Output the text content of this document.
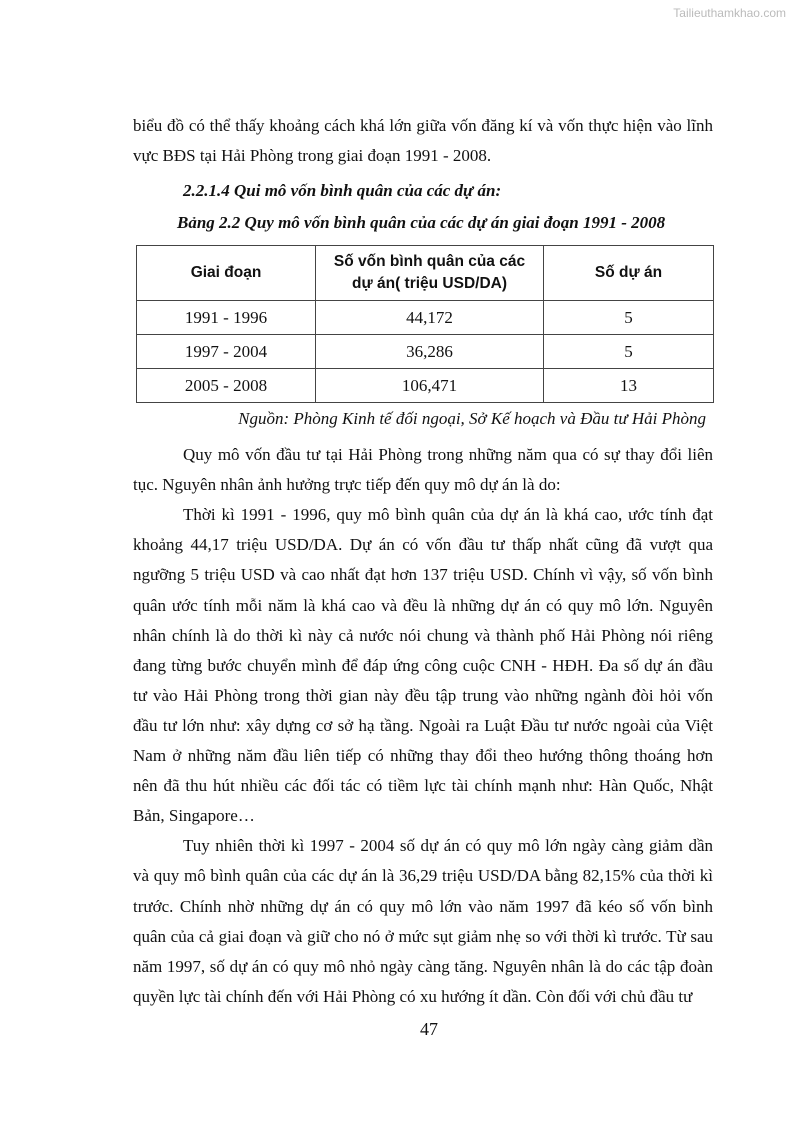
Tailieuthamkhao.com
biểu đồ có thể thấy khoảng cách khá lớn giữa vốn đăng kí và vốn thực hiện vào lĩnh
vực BĐS tại Hải Phòng trong giai đoạn 1991 - 2008.
2.2.1.4 Qui mô vốn bình quân của các dự án:
Bảng 2.2 Quy mô vốn bình quân của các dự án giai đoạn 1991 - 2008
Giai đoạn	Số vốn bình quân của các dự án( triệu USD/DA)	Số dự án
1991 - 1996	44,172	5
1997 - 2004	36,286	5
2005 - 2008	106,471	13
Nguồn: Phòng Kinh tế đối ngoại, Sở Kế hoạch và Đầu tư Hải Phòng
Quy mô vốn đầu tư tại Hải Phòng trong những năm qua có sự thay đổi liên
tục. Nguyên nhân ảnh hưởng trực tiếp đến quy mô dự án là do:
Thời kì 1991 - 1996, quy mô bình quân của dự án là khá cao, ước tính đạt
khoảng 44,17 triệu USD/DA. Dự án có vốn đầu tư thấp nhất cũng đã vượt qua
ngưỡng 5 triệu USD và cao nhất đạt hơn 137 triệu USD. Chính vì vậy, số vốn bình
quân ước tính mỗi năm là khá cao và đều là những dự án có quy mô lớn. Nguyên
nhân chính là do thời kì này cả nước nói chung và thành phố Hải Phòng nói riêng
đang từng bước chuyển mình để đáp ứng công cuộc CNH - HĐH. Đa số dự án đầu
tư vào Hải Phòng trong thời gian này đều tập trung vào những ngành đòi hỏi vốn
đầu tư lớn như: xây dựng cơ sở hạ tầng. Ngoài ra Luật Đầu tư nước ngoài của Việt
Nam ở những năm đầu liên tiếp có những thay đổi theo hướng thông thoáng hơn
nên đã thu hút nhiều các đối tác có tiềm lực tài chính mạnh như: Hàn Quốc, Nhật
Bản, Singapore…
Tuy nhiên thời kì 1997 - 2004 số dự án có quy mô lớn ngày càng giảm dần
và quy mô bình quân của các dự án là 36,29 triệu USD/DA bằng 82,15% của thời kì
trước. Chính nhờ những dự án có quy mô lớn vào năm 1997 đã kéo số vốn bình
quân của cả giai đoạn và giữ cho nó ở mức sụt giảm nhẹ so với thời kì trước. Từ sau
năm 1997, số dự án có quy mô nhỏ ngày càng tăng. Nguyên nhân là do các tập đoàn
quyền lực tài chính đến với Hải Phòng có xu hướng ít dần. Còn đối với chủ đầu tư
47
